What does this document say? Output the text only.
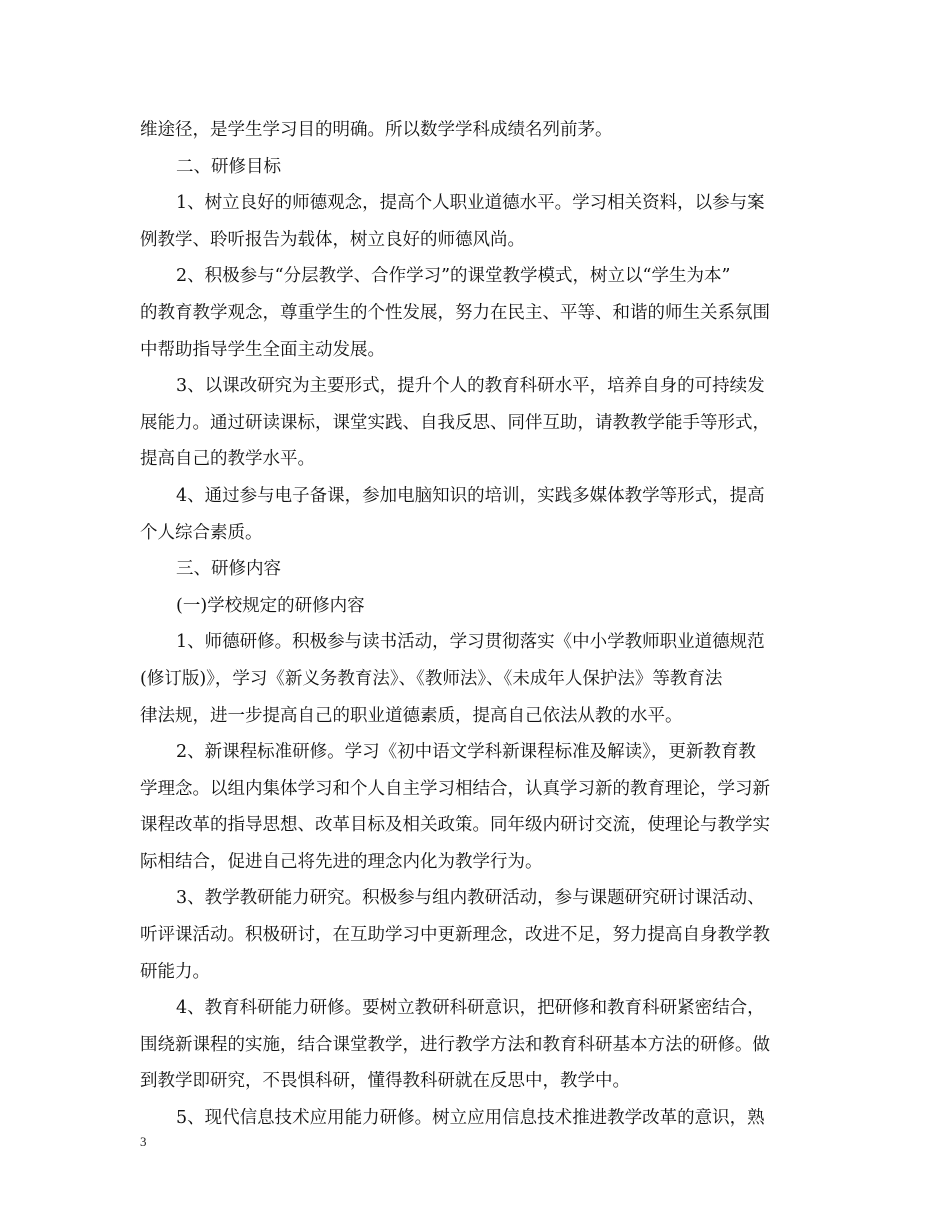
维途径，是学生学习目的明确。所以数学学科成绩名列前茅。

二、研修目标

1、树立良好的师德观念，提高个人职业道德水平。学习相关资料，以参与案
例教学、聆听报告为载体，树立良好的师德风尚。

2、积极参与“分层教学、合作学习”的课堂教学模式，树立以“学生为本”
的教育教学观念，尊重学生的个性发展，努力在民主、平等、和谐的师生关系氛围
中帮助指导学生全面主动发展。

3、以课改研究为主要形式，提升个人的教育科研水平，培养自身的可持续发
展能力。通过研读课标，课堂实践、自我反思、同伴互助，请教教学能手等形式，
提高自己的教学水平。

4、通过参与电子备课，参加电脑知识的培训，实践多媒体教学等形式，提高
个人综合素质。

三、研修内容

(一)学校规定的研修内容

1、师德研修。积极参与读书活动，学习贯彻落实《中小学教师职业道德规范
(修订版)》，学习《新义务教育法》、《教师法》、《未成年人保护法》等教育法
律法规，进一步提高自己的职业道德素质，提高自己依法从教的水平。

2、新课程标准研修。学习《初中语文学科新课程标准及解读》，更新教育教
学理念。以组内集体学习和个人自主学习相结合，认真学习新的教育理论，学习新
课程改革的指导思想、改革目标及相关政策。同年级内研讨交流，使理论与教学实
际相结合，促进自己将先进的理念内化为教学行为。

3、教学教研能力研究。积极参与组内教研活动，参与课题研究研讨课活动、
听评课活动。积极研讨，在互助学习中更新理念，改进不足，努力提高自身教学教
研能力。

4、教育科研能力研修。要树立教研科研意识，把研修和教育科研紧密结合，
围绕新课程的实施，结合课堂教学，进行教学方法和教育科研基本方法的研修。做
到教学即研究，不畏惧科研，懂得教科研就在反思中，教学中。

5、现代信息技术应用能力研修。树立应用信息技术推进教学改革的意识，熟

3
